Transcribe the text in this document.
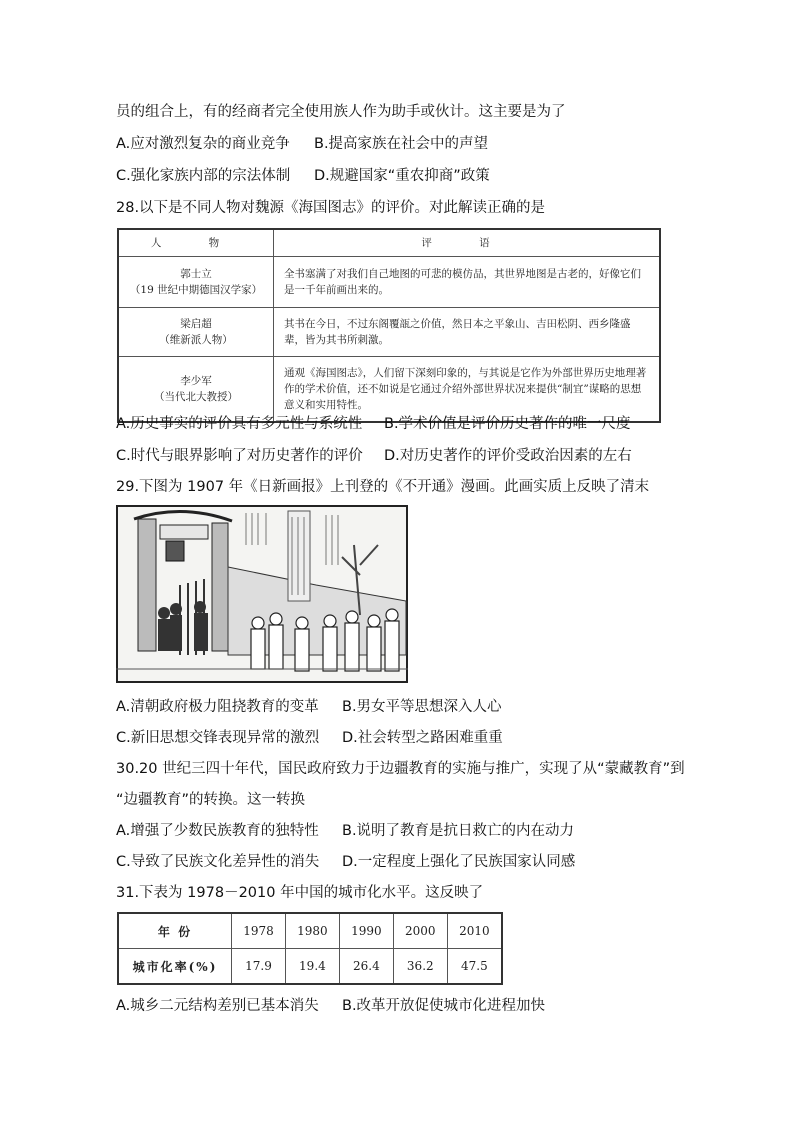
员的组合上，有的经商者完全使用族人作为助手或伙计。这主要是为了
A.应对激烈复杂的商业竞争 B.提高家族在社会中的声望
C.强化家族内部的宗法体制 D.规避国家“重农抑商”政策
28.以下是不同人物对魏源《海国图志》的评价。对此解读正确的是
人 物	评 语

郭士立
（19 世纪中期德国汉学家）	全书塞满了对我们自己地图的可悲的模仿品，其世界地图是古老的，好像它们是一千年前画出来的。

梁启超
（维新派人物）	其书在今日，不过东阁覆瓿之价值，然日本之平象山、吉田松阴、西乡隆盛辈，皆为其书所刺激。

李少军
（当代北大教授）	通观《海国图志》，人们留下深刻印象的，与其说是它作为外部世界历史地理著作的学术价值，还不如说是它通过介绍外部世界状况来提供“制宜”谋略的思想意义和实用特性。
A.历史事实的评价具有多元性与系统性 B.学术价值是评价历史著作的唯一尺度
C.时代与眼界影响了对历史著作的评价 D.对历史著作的评价受政治因素的左右
29.下图为 1907 年《日新画报》上刊登的《不开通》漫画。此画实质上反映了清末
A.清朝政府极力阻挠教育的变革 B.男女平等思想深入人心
C.新旧思想交锋表现异常的激烈 D.社会转型之路困难重重
30.20 世纪三四十年代，国民政府致力于边疆教育的实施与推广，实现了从“蒙藏教育”到
“边疆教育”的转换。这一转换
A.增强了少数民族教育的独特性 B.说明了教育是抗日救亡的内在动力
C.导致了民族文化差异性的消失 D.一定程度上强化了民族国家认同感
31.下表为 1978－2010 年中国的城市化水平。这反映了
年 份	1978	1980	1990	2000	2010
城市化率(%)	17.9	19.4	26.4	36.2	47.5
A.城乡二元结构差别已基本消失 B.改革开放促使城市化进程加快
